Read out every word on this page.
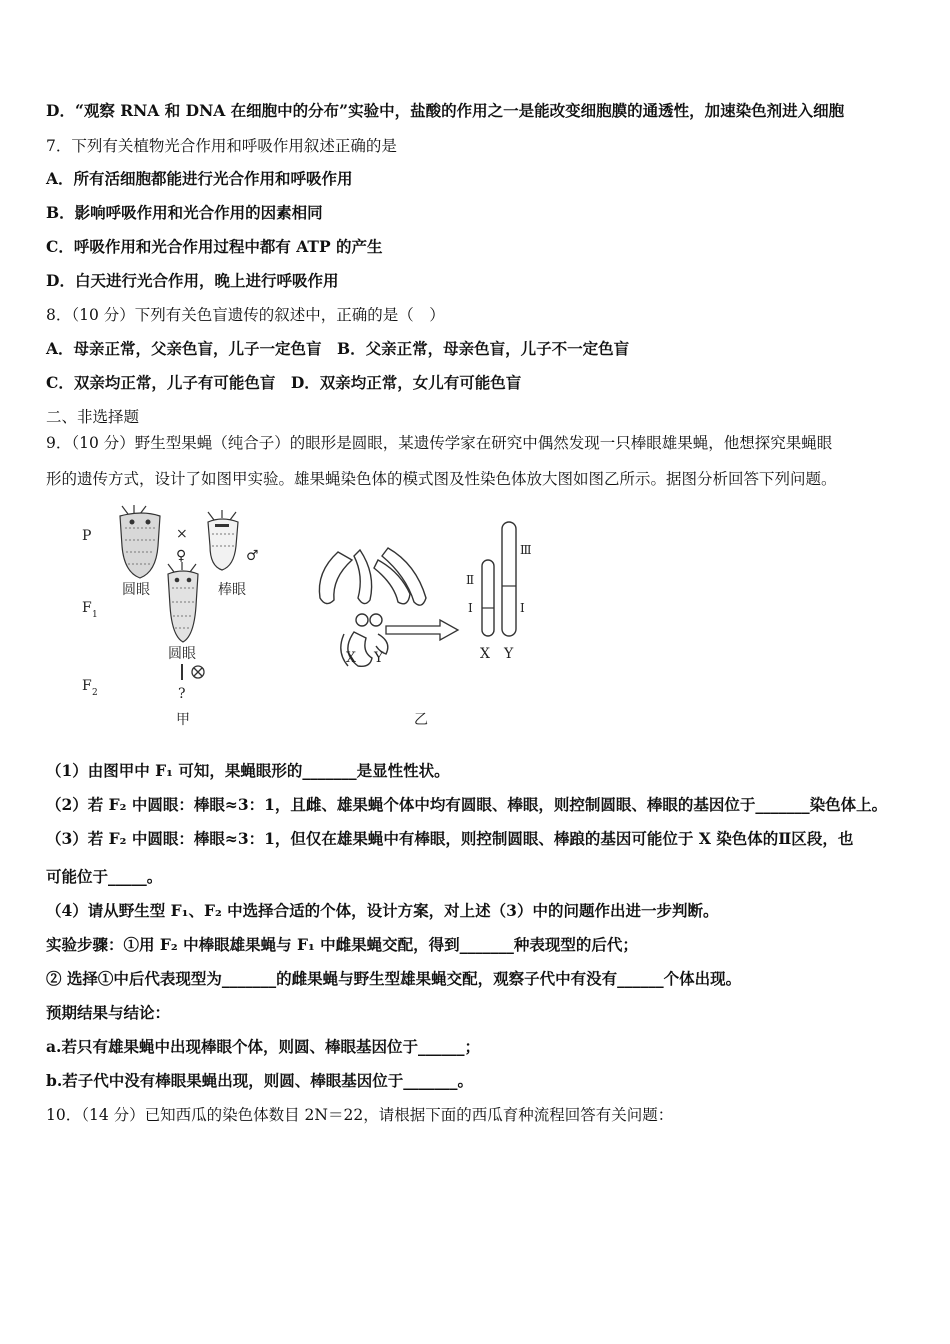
D．“观察 RNA 和 DNA 在细胞中的分布”实验中，盐酸的作用之一是能改变细胞膜的通透性，加速染色剂进入细胞
7．下列有关植物光合作用和呼吸作用叙述正确的是
A．所有活细胞都能进行光合作用和呼吸作用
B．影响呼吸作用和光合作用的因素相同
C．呼吸作用和光合作用过程中都有 ATP 的产生
D．白天进行光合作用，晚上进行呼吸作用
8．（10 分）下列有关色盲遗传的叙述中，正确的是（　）
A．母亲正常，父亲色盲，儿子一定色盲　B．父亲正常，母亲色盲，儿子不一定色盲
C．双亲均正常，儿子有可能色盲　D．双亲均正常，女儿有可能色盲
二、非选择题
9．（10 分）野生型果蝇（纯合子）的眼形是圆眼，某遗传学家在研究中偶然发现一只棒眼雄果蝇，他想探究果蝇眼
形的遗传方式，设计了如图甲实验。雄果蝇染色体的模式图及性染色体放大图如图乙所示。据图分析回答下列问题。
P
F 1
F 2
×
♀
圆眼
♂
棒眼
圆眼
?
甲
X Y
Ⅱ
Ⅰ
Ⅲ
Ⅰ
X Y
乙
（1）由图甲中 F₁ 可知，果蝇眼形的_______是显性性状。
（2）若 F₂ 中圆眼：棒眼≈3：1，且雌、雄果蝇个体中均有圆眼、棒眼，则控制圆眼、棒眼的基因位于_______染色体上。
（3）若 F₂ 中圆眼：棒眼≈3：1，但仅在雄果蝇中有棒眼，则控制圆眼、棒踉的基因可能位于 X 染色体的Ⅱ区段，也
可能位于_____。
（4）请从野生型 F₁、F₂ 中选择合适的个体，设计方案，对上述（3）中的问题作出进一步判断。
实验步骤：①用 F₂ 中棒眼雄果蝇与 F₁ 中雌果蝇交配，得到_______种表现型的后代；
② 选择①中后代表现型为_______的雌果蝇与野生型雄果蝇交配，观察子代中有没有______个体出现。
预期结果与结论：
a.若只有雄果蝇中出现棒眼个体，则圆、棒眼基因位于______；
b.若子代中没有棒眼果蝇出现，则圆、棒眼基因位于_______。
10．（14 分）已知西瓜的染色体数目 2N＝22，请根据下面的西瓜育种流程回答有关问题：
